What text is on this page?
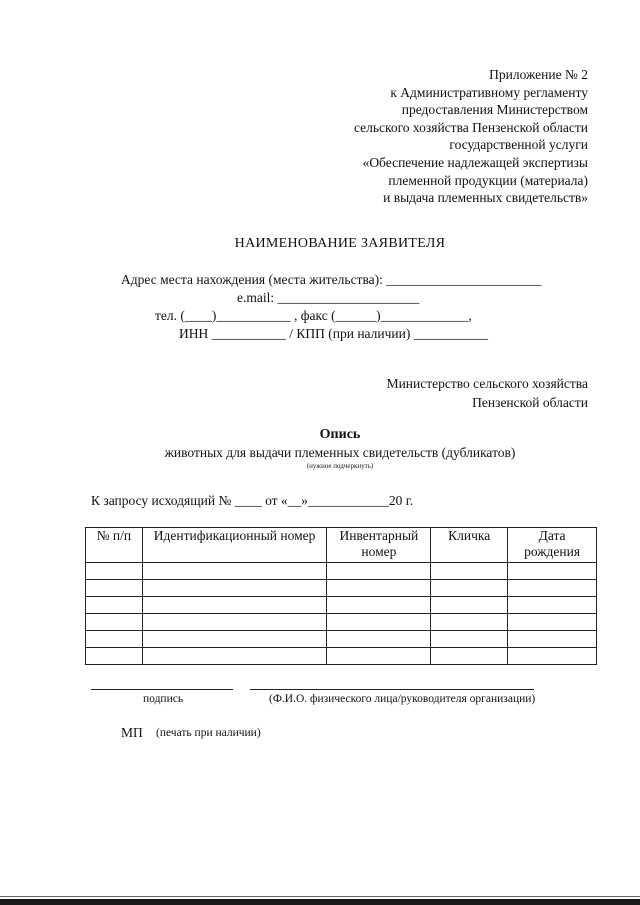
Приложение № 2
к Административному регламенту
предоставления Министерством
сельского хозяйства Пензенской области
государственной услуги
«Обеспечение надлежащей экспертизы
племенной продукции (материала)
и выдача племенных свидетельств»
НАИМЕНОВАНИЕ ЗАЯВИТЕЛЯ
Адрес места нахождения (места жительства): _______________________
e.mail: _____________________
тел. (____)___________ , факс (______)_____________,
ИНН ___________ / КПП (при наличии) ___________
Министерство сельского хозяйства
Пензенской области
Опись
животных для выдачи племенных свидетельств (дубликатов)
(нужное подчеркнуть)
К запросу исходящий № ____ от «__»____________20 г.
№ п/п	Идентификационный номер	Инвентарный номер	Кличка	Дата рождения

подпись	(Ф.И.О. физического лица/руководителя организации)
МП (печать при наличии)
